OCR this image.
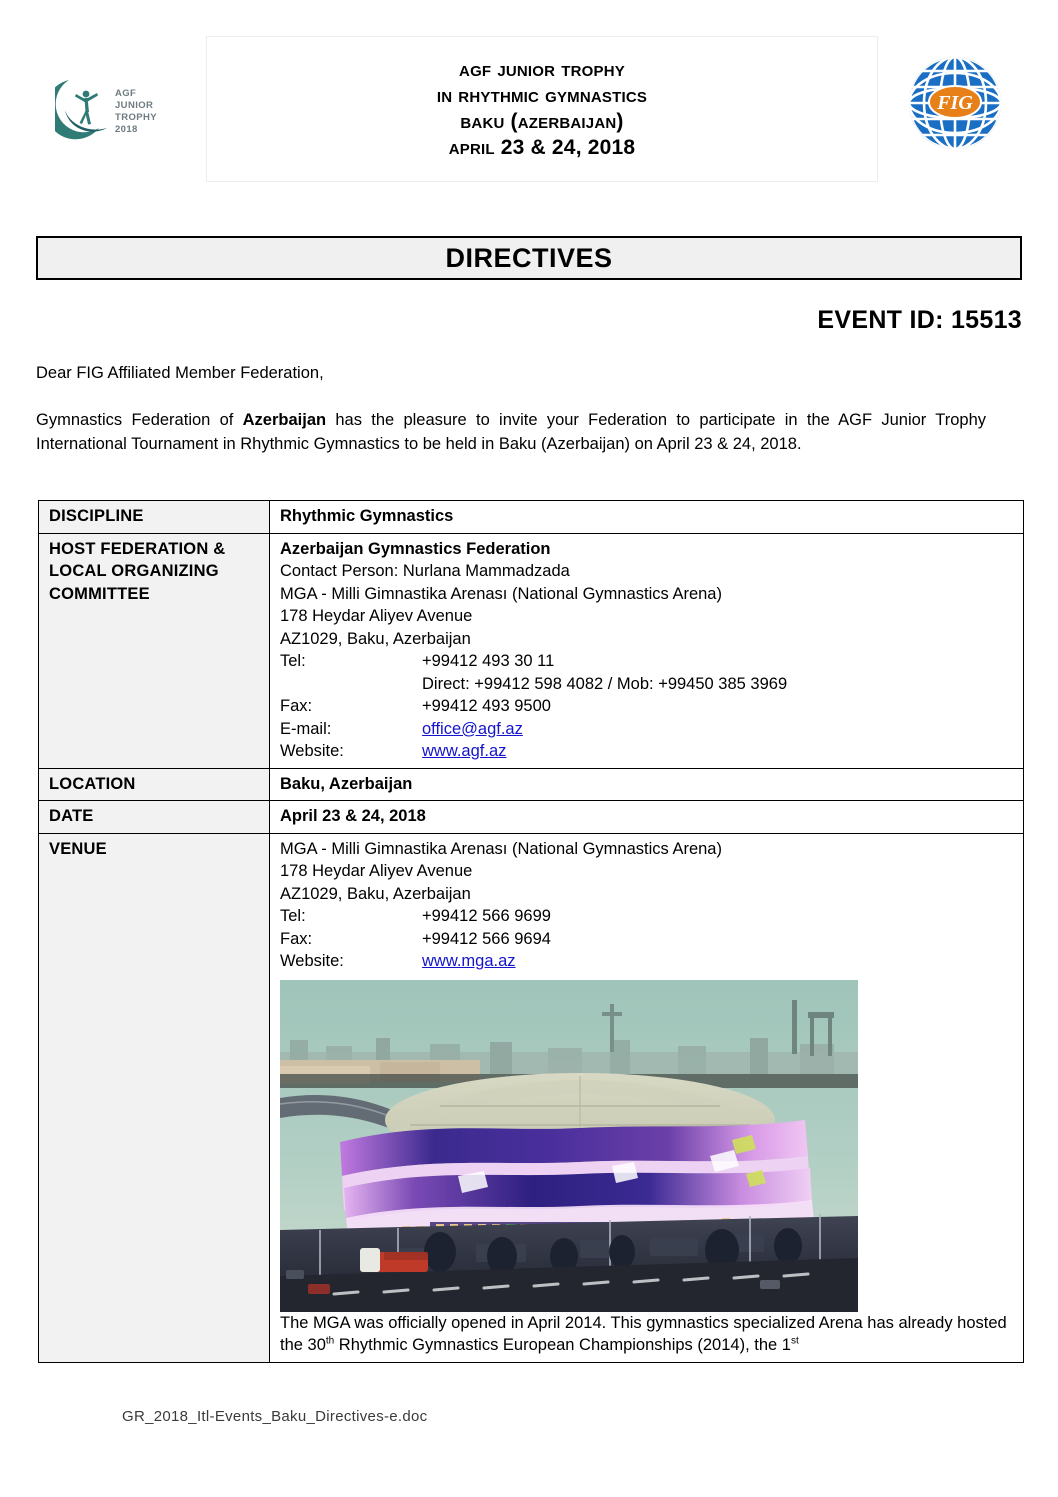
AGF
JUNIOR
TROPHY
2018
agf junior trophy
in rhythmic gymnastics
baku (azerbaijan)
april 23 & 24, 2018
FIG
DIRECTIVES
EVENT ID: 15513
Dear FIG Affiliated Member Federation,
Gymnastics Federation of Azerbaijan has the pleasure to invite your Federation to participate in the AGF Junior Trophy International Tournament in Rhythmic Gymnastics to be held in Baku (Azerbaijan) on April 23 & 24, 2018.
DISCIPLINE	Rhythmic Gymnastics
HOST FEDERATION & LOCAL ORGANIZING COMMITTEE	
Azerbaijan Gymnastics Federation
Contact Person: Nurlana Mammadzada
MGA - Milli Gimnastika Arenası (National Gymnastics Arena)
178 Heydar Aliyev Avenue
AZ1029, Baku, Azerbaijan
Tel:	+99412 493 30 11
Direct: +99412 598 4082 / Mob: +99450 385 3969
Fax:	+99412 493 9500
E-mail:	office@agf.az
Website:	www.agf.az

LOCATION	Baku, Azerbaijan
DATE	April 23 & 24, 2018
VENUE	MGA - Milli Gimnastika Arenası (National Gymnastics Arena)
178 Heydar Aliyev Avenue
AZ1029, Baku, Azerbaijan
Tel:	+99412 566 9699
Fax:	+99412 566 9694
Website:	www.mga.az
The MGA was officially opened in April 2014. This gymnastics specialized Arena has already hosted the 30th Rhythmic Gymnastics European Championships (2014), the 1st
GR_2018_Itl-Events_Baku_Directives-e.doc
